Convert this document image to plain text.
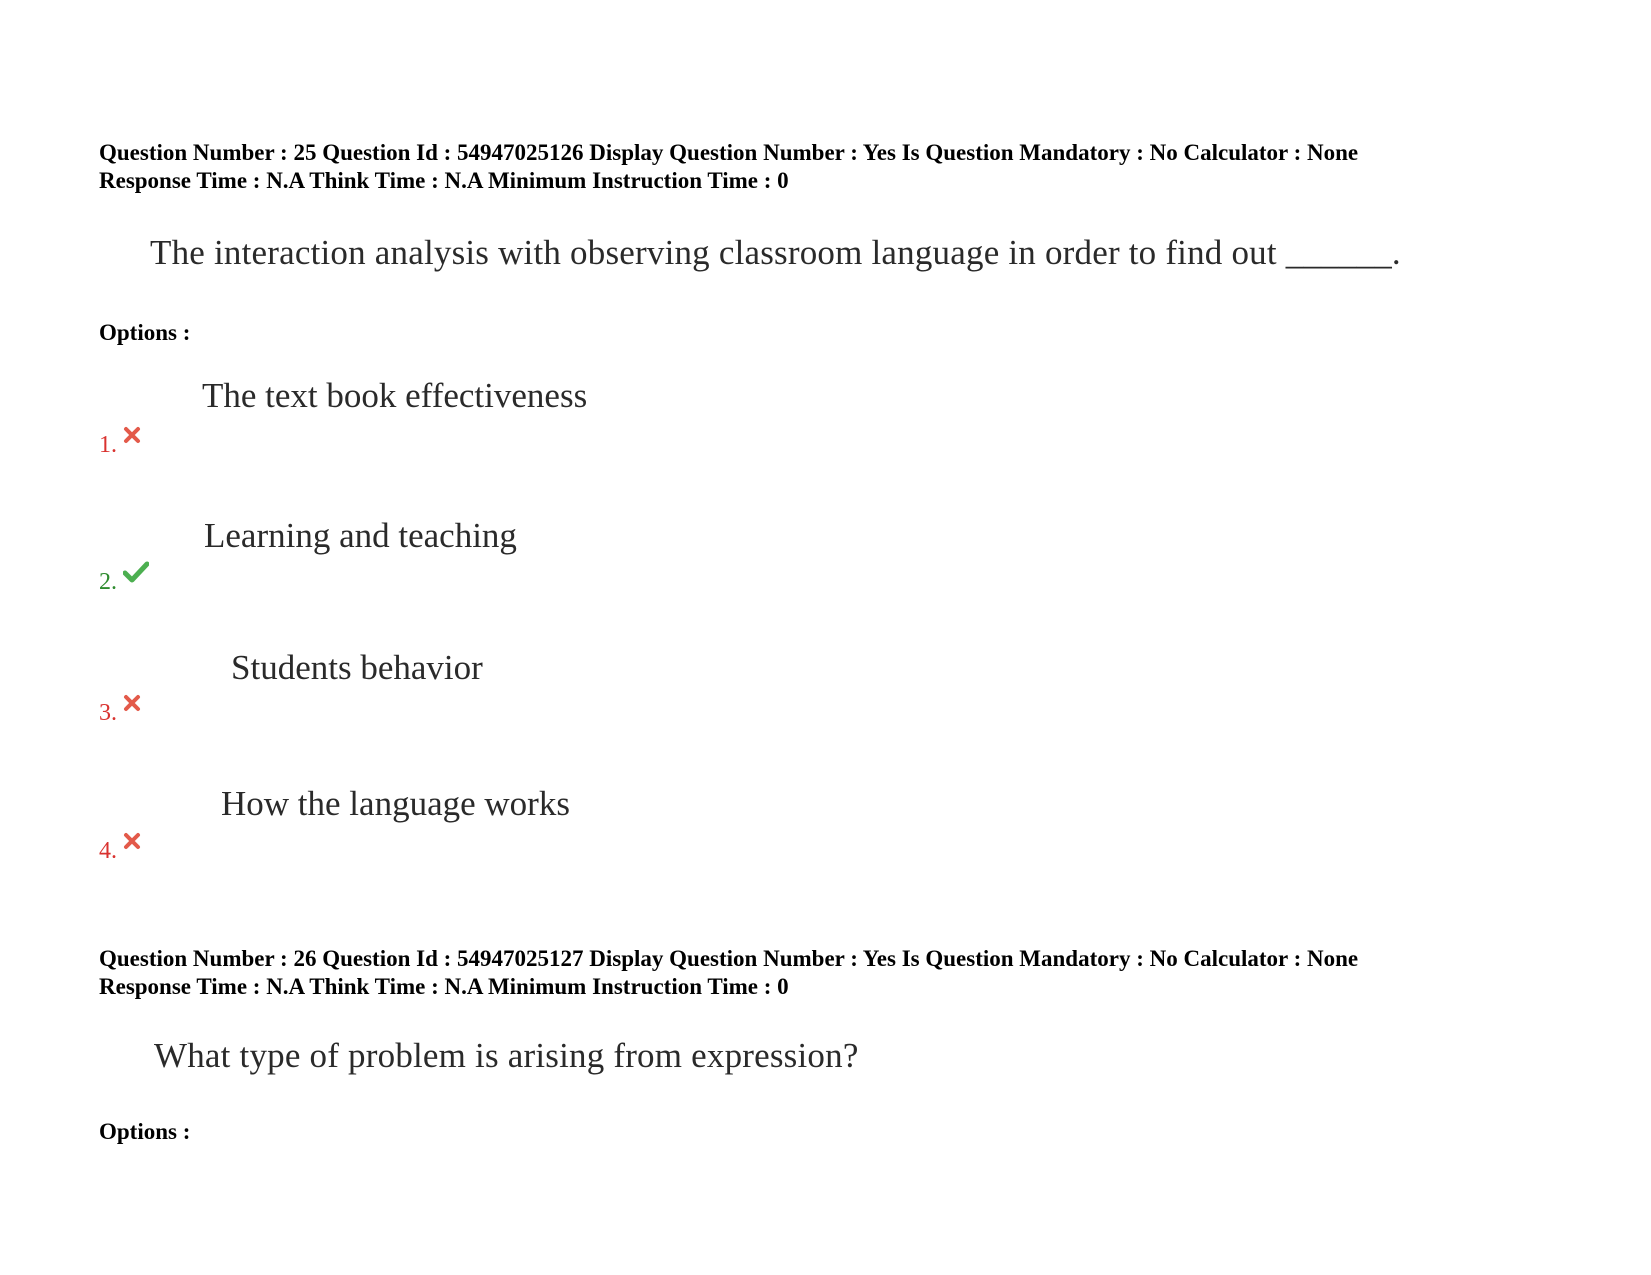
Question Number : 25 Question Id : 54947025126 Display Question Number : Yes Is Question Mandatory : No Calculator : None
Response Time : N.A Think Time : N.A Minimum Instruction Time : 0
The interaction analysis with observing classroom language in order to find out ______.
Options :
The text book effectiveness
1.
Learning and teaching
2.
Students behavior
3.
How the language works
4.
Question Number : 26 Question Id : 54947025127 Display Question Number : Yes Is Question Mandatory : No Calculator : None
Response Time : N.A Think Time : N.A Minimum Instruction Time : 0
What type of problem is arising from expression?
Options :
